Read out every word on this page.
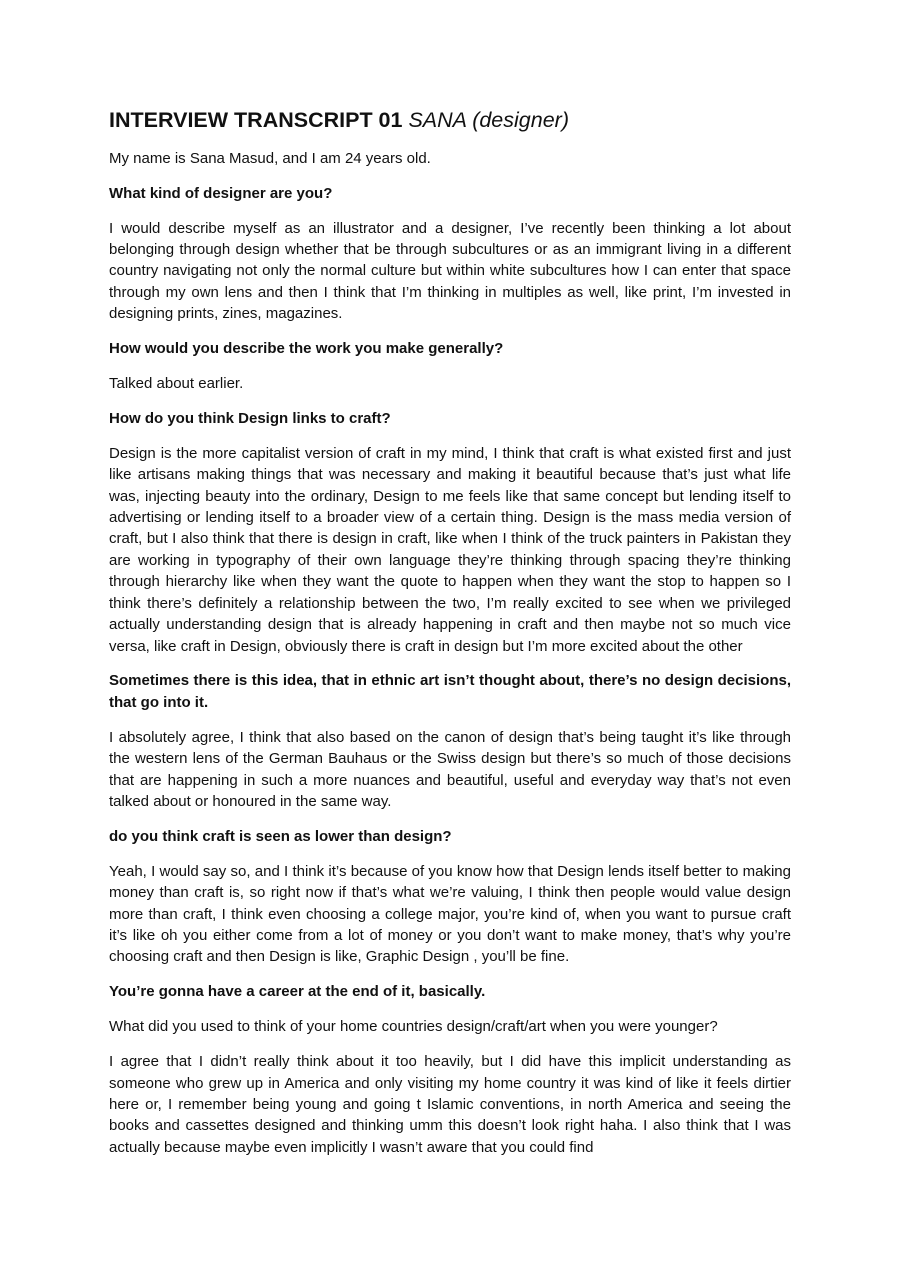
INTERVIEW TRANSCRIPT 01 SANA (designer)

My name is Sana Masud, and I am 24 years old.

What kind of designer are you?

I would describe myself as an illustrator and a designer, I’ve recently been thinking a lot about belonging through design whether that be through subcultures or as an immigrant living in a different country navigating not only the normal culture but within white subcultures how I can enter that space through my own lens and then I think that I’m thinking in multiples as well, like print, I’m invested in designing prints, zines, magazines.

How would you describe the work you make generally?

Talked about earlier.

How do you think Design links to craft?

Design is the more capitalist version of craft in my mind, I think that craft is what existed first and just like artisans making things that was necessary and making it beautiful because that’s just what life was, injecting beauty into the ordinary, Design to me feels like that same concept but lending itself to advertising or lending itself to a broader view of a certain thing. Design is the mass media version of craft, but I also think that there is design in craft, like when I think of the truck painters in Pakistan they are working in typography of their own language they’re thinking through spacing they’re thinking through hierarchy like when they want the quote to happen when they want the stop to happen so I think there’s definitely a relationship between the two, I’m really excited to see when we privileged actually understanding design that is already happening in craft and then maybe not so much vice versa, like craft in Design, obviously there is craft in design but I’m more excited about the other

Sometimes there is this idea, that in ethnic art isn’t thought about, there’s no design decisions, that go into it.

I absolutely agree, I think that also based on the canon of design that’s being taught it’s like through the western lens of the German Bauhaus or the Swiss design but there’s so much of those decisions that are happening in such a more nuances and beautiful, useful and everyday way that’s not even talked about or honoured in the same way.

do you think craft is seen as lower than design?

Yeah, I would say so, and I think it’s because of you know how that Design lends itself better to making money than craft is, so right now if that’s what we’re valuing, I think then people would value design more than craft, I think even choosing a college major, you’re kind of, when you want to pursue craft it’s like oh you either come from a lot of money or you don’t want to make money, that’s why you’re choosing craft and then Design is like, Graphic Design , you’ll be fine.

You’re gonna have a career at the end of it, basically.

What did you used to think of your home countries design/craft/art when you were younger?

I agree that I didn’t really think about it too heavily, but I did have this implicit understanding as someone who grew up in America and only visiting my home country it was kind of like it feels dirtier here or, I remember being young and going t Islamic conventions, in north America and seeing the books and cassettes designed and thinking umm this doesn’t look right haha. I also think that I was actually because maybe even implicitly I wasn’t aware that you could find
